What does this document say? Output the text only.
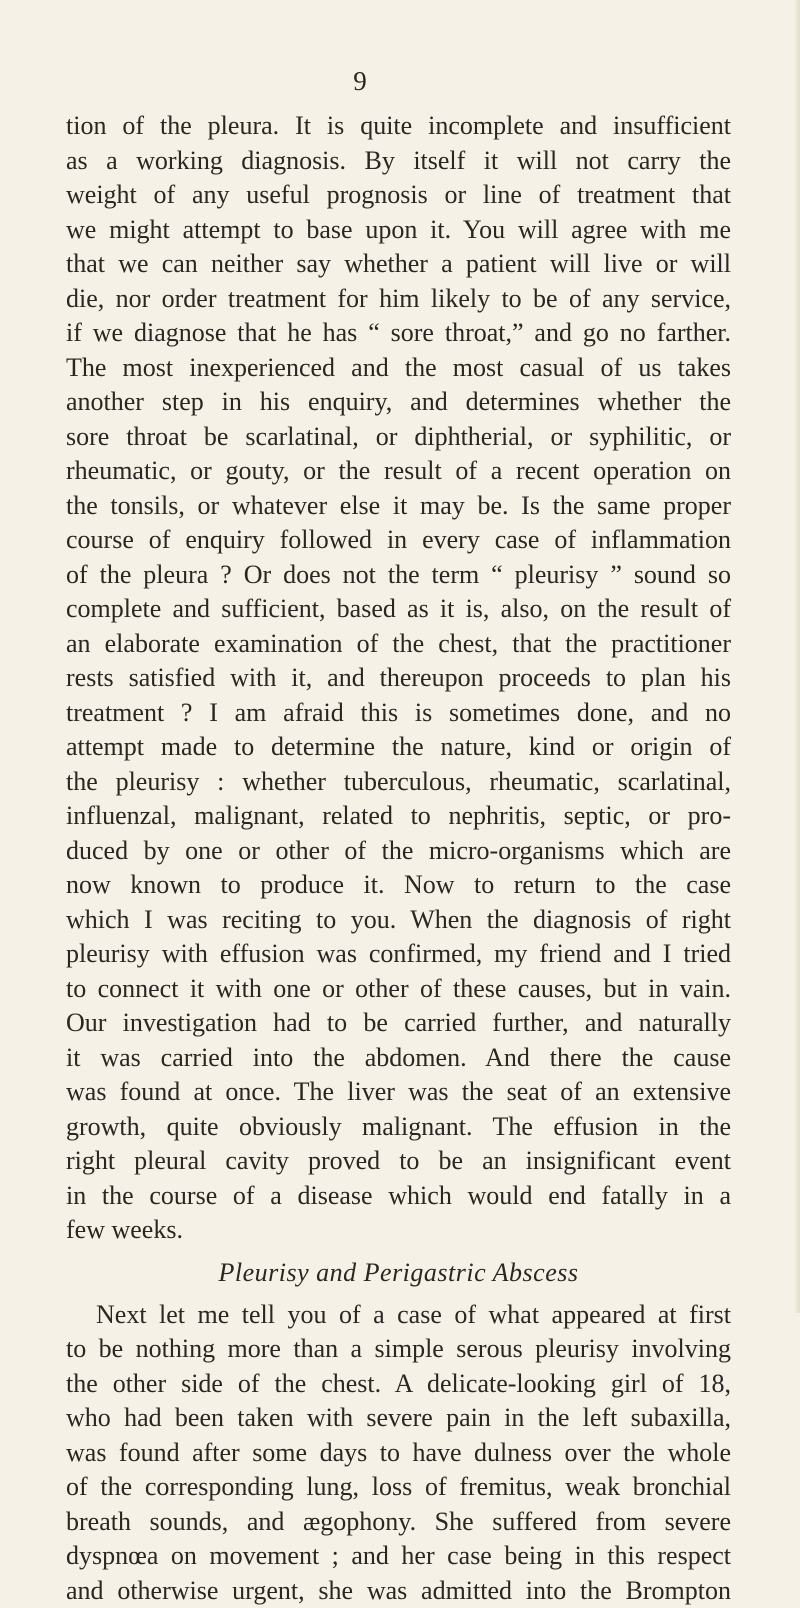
9
tion of the pleura. It is quite incomplete and insufficient
as a working diagnosis. By itself it will not carry the
weight of any useful prognosis or line of treatment that
we might attempt to base upon it. You will agree with me
that we can neither say whether a patient will live or will
die, nor order treatment for him likely to be of any service,
if we diagnose that he has “ sore throat,” and go no farther.
The most inexperienced and the most casual of us takes
another step in his enquiry, and determines whether the
sore throat be scarlatinal, or diphtherial, or syphilitic, or
rheumatic, or gouty, or the result of a recent operation on
the tonsils, or whatever else it may be. Is the same proper
course of enquiry followed in every case of inflammation
of the pleura ? Or does not the term “ pleurisy ” sound so
complete and sufficient, based as it is, also, on the result of
an elaborate examination of the chest, that the practitioner
rests satisfied with it, and thereupon proceeds to plan his
treatment ? I am afraid this is sometimes done, and no
attempt made to determine the nature, kind or origin of
the pleurisy : whether tuberculous, rheumatic, scarlatinal,
influenzal, malignant, related to nephritis, septic, or pro-
duced by one or other of the micro-organisms which are
now known to produce it. Now to return to the case
which I was reciting to you. When the diagnosis of right
pleurisy with effusion was confirmed, my friend and I tried
to connect it with one or other of these causes, but in vain.
Our investigation had to be carried further, and naturally
it was carried into the abdomen. And there the cause
was found at once. The liver was the seat of an extensive
growth, quite obviously malignant. The effusion in the
right pleural cavity proved to be an insignificant event
in the course of a disease which would end fatally in a
few weeks.
Pleurisy and Perigastric Abscess
Next let me tell you of a case of what appeared at first
to be nothing more than a simple serous pleurisy involving
the other side of the chest. A delicate-looking girl of 18,
who had been taken with severe pain in the left subaxilla,
was found after some days to have dulness over the whole
of the corresponding lung, loss of fremitus, weak bronchial
breath sounds, and ægophony. She suffered from severe
dyspnœa on movement ; and her case being in this respect
and otherwise urgent, she was admitted into the Brompton
